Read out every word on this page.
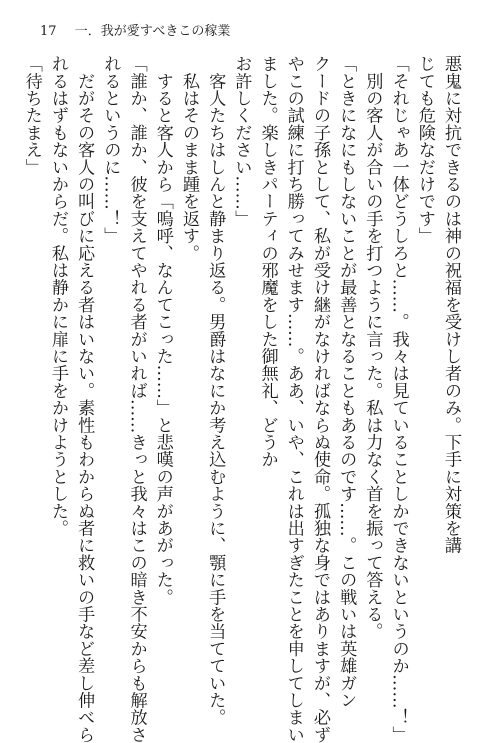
17 一．我が愛すべきこの稼業
悪鬼に対抗できるのは神の祝福を受けし者のみ。下手に対策を講
じても危険なだけです」
「それじゃあ一体どうしろと……。我々は見ていることしかできないというのか……！」
　別の客人が合いの手を打つように言った。私は力なく首を振って答える。
「ときになにもしないことが最善となることもあるのです……。この戦いは英雄ガン
クードの子孫として、私が受け継がなければならぬ使命。孤独な身ではありますが、必ず
やこの試練に打ち勝ってみせます……。ああ、いや、これは出すぎたことを申してしまい
ました。楽しきパーティの邪魔をした御無礼、どうか
お許しください……」
　客人たちはしんと静まり返る。男爵はなにか考え込むように、顎に手を当てていた。
　私はそのまま踵を返す。
　すると客人から「嗚呼、なんてこった……」と悲嘆の声があがった。
「誰か、誰か、彼を支えてやれる者がいれば……きっと我々はこの暗き不安からも解放さ
れるというのに……！」
　だがその客人の叫びに応える者はいない。素性もわからぬ者に救いの手など差し伸べら
れるはずもないからだ。私は静かに扉に手をかけようとした。
「待ちたまえ」
